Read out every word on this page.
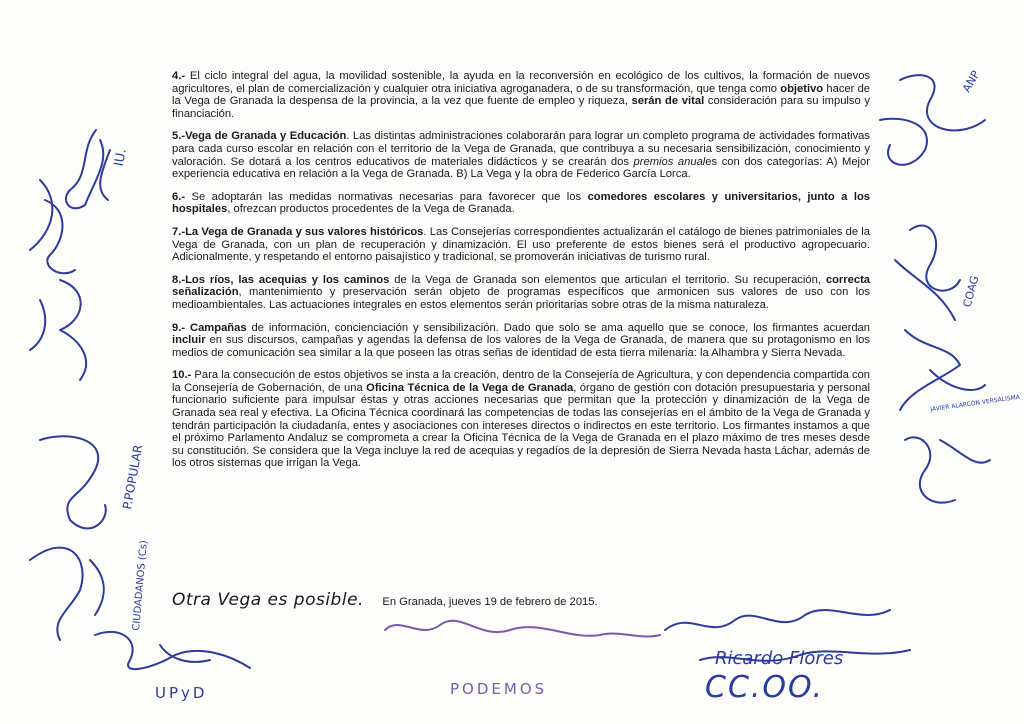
4.- El ciclo integral del agua, la movilidad sostenible, la ayuda en la reconversión en ecológico de los cultivos, la formación de nuevos agricultores, el plan de comercialización y cualquier otra iniciativa agroganadera, o de su transformación, que tenga como objetivo hacer de la Vega de Granada la despensa de la provincia, a la vez que fuente de empleo y riqueza, serán de vital consideración para su impulso y financiación.

5.-Vega de Granada y Educación. Las distintas administraciones colaborarán para lograr un completo programa de actividades formativas para cada curso escolar en relación con el territorio de la Vega de Granada, que contribuya a su necesaria sensibilización, conocimiento y valoración. Se dotará a los centros educativos de materiales didácticos y se crearán dos premios anuales con dos categorías: A) Mejor experiencia educativa en relación a la Vega de Granada. B) La Vega y la obra de Federico García Lorca.

6.- Se adoptarán las medidas normativas necesarias para favorecer que los comedores escolares y universitarios, junto a los hospitales, ofrezcan productos procedentes de la Vega de Granada.

7.-La Vega de Granada y sus valores históricos. Las Consejerías correspondientes actualizarán el catálogo de bienes patrimoniales de la Vega de Granada, con un plan de recuperación y dinamización. El uso preferente de estos bienes será el productivo agropecuario. Adicionalmente, y respetando el entorno paisajístico y tradicional, se promoverán iniciativas de turismo rural.

8.-Los ríos, las acequias y los caminos de la Vega de Granada son elementos que articulan el territorio. Su recuperación, correcta señalización, mantenimiento y preservación serán objeto de programas específicos que armonicen sus valores de uso con los medioambientales. Las actuaciones integrales en estos elementos serán prioritarias sobre otras de la misma naturaleza.

9.- Campañas de información, concienciación y sensibilización. Dado que solo se ama aquello que se conoce, los firmantes acuerdan incluir en sus discursos, campañas y agendas la defensa de los valores de la Vega de Granada, de manera que su protagonismo en los medios de comunicación sea similar a la que poseen las otras señas de identidad de esta tierra milenaria: la Alhambra y Sierra Nevada.

10.- Para la consecución de estos objetivos se insta a la creación, dentro de la Consejería de Agricultura, y con dependencia compartida con la Consejería de Gobernación, de una Oficina Técnica de la Vega de Granada, órgano de gestión con dotación presupuestaria y personal funcionario suficiente para impulsar éstas y otras acciones necesarias que permitan que la protección y dinamización de la Vega de Granada sea real y efectiva. La Oficina Técnica coordinará las competencias de todas las consejerías en el ámbito de la Vega de Granada y tendrán participación la ciudadanía, entes y asociaciones con intereses directos o indirectos en este territorio. Los firmantes instamos a que el próximo Parlamento Andaluz se comprometa a crear la Oficina Técnica de la Vega de Granada en el plazo máximo de tres meses desde su constitución. Se considera que la Vega incluye la red de acequias y regadíos de la depresión de Sierra Nevada hasta Láchar, además de los otros sistemas que irrigan la Vega.

Otra Vega es posible. En Granada, jueves 19 de febrero de 2015.
IU.
P.POPULAR
CIUDADANOS (Cs)
UPyD	PODEMOS
Ricardo Flores
CC.OO.
COAG
ANP
JAVIER ALARCÓN VERSALISMA
